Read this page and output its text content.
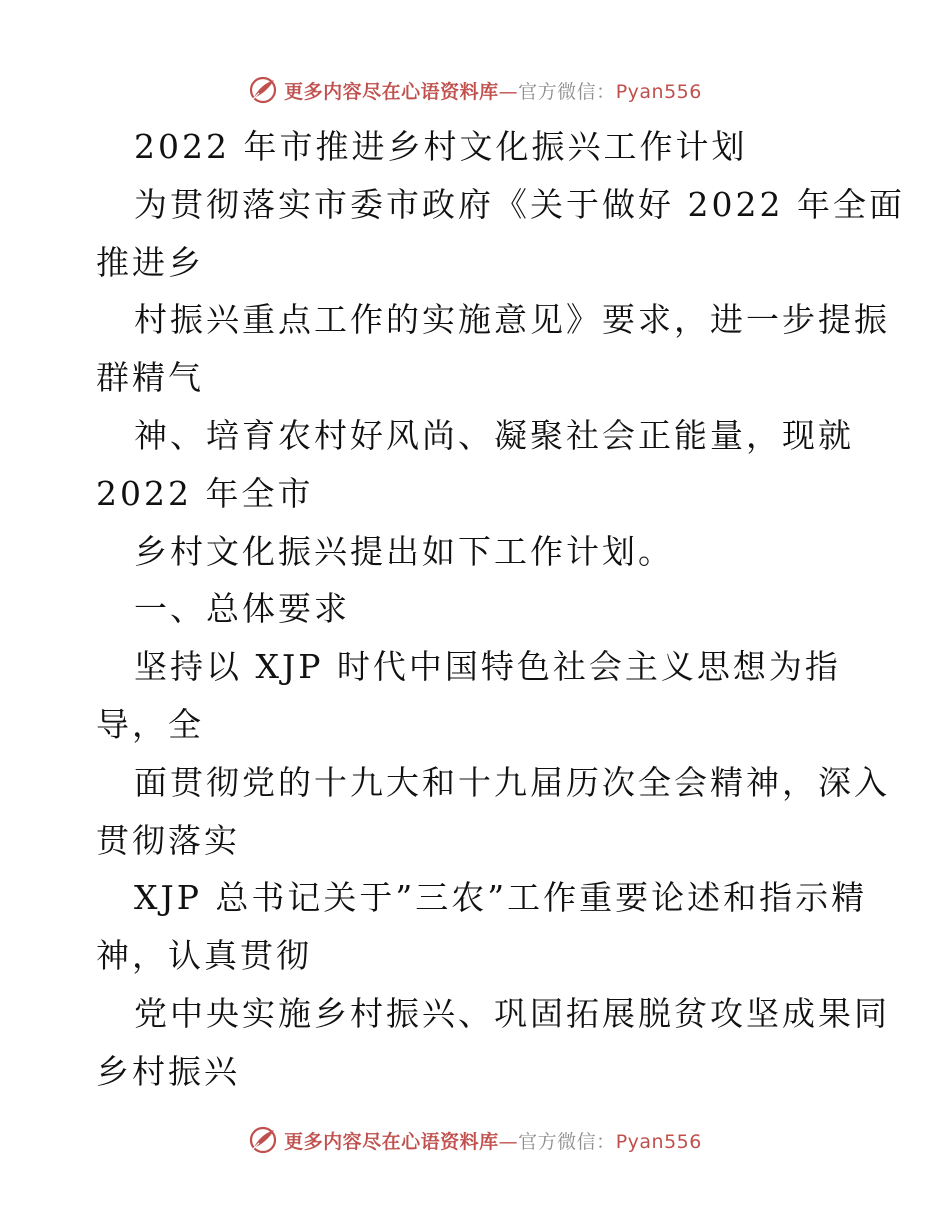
更多内容尽在心语资料库—官方微信：Pyan556
2022 年市推进乡村文化振兴工作计划
为贯彻落实市委市政府《关于做好 2022 年全面
推进乡
村振兴重点工作的实施意见》要求，进一步提振
群精气
神、培育农村好风尚、凝聚社会正能量，现就
2022 年全市
乡村文化振兴提出如下工作计划。
一、总体要求
坚持以 XJP 时代中国特色社会主义思想为指
导，全
面贯彻党的十九大和十九届历次全会精神，深入
贯彻落实
XJP 总书记关于”三农”工作重要论述和指示精
神，认真贯彻
党中央实施乡村振兴、巩固拓展脱贫攻坚成果同
乡村振兴
更多内容尽在心语资料库—官方微信：Pyan556
